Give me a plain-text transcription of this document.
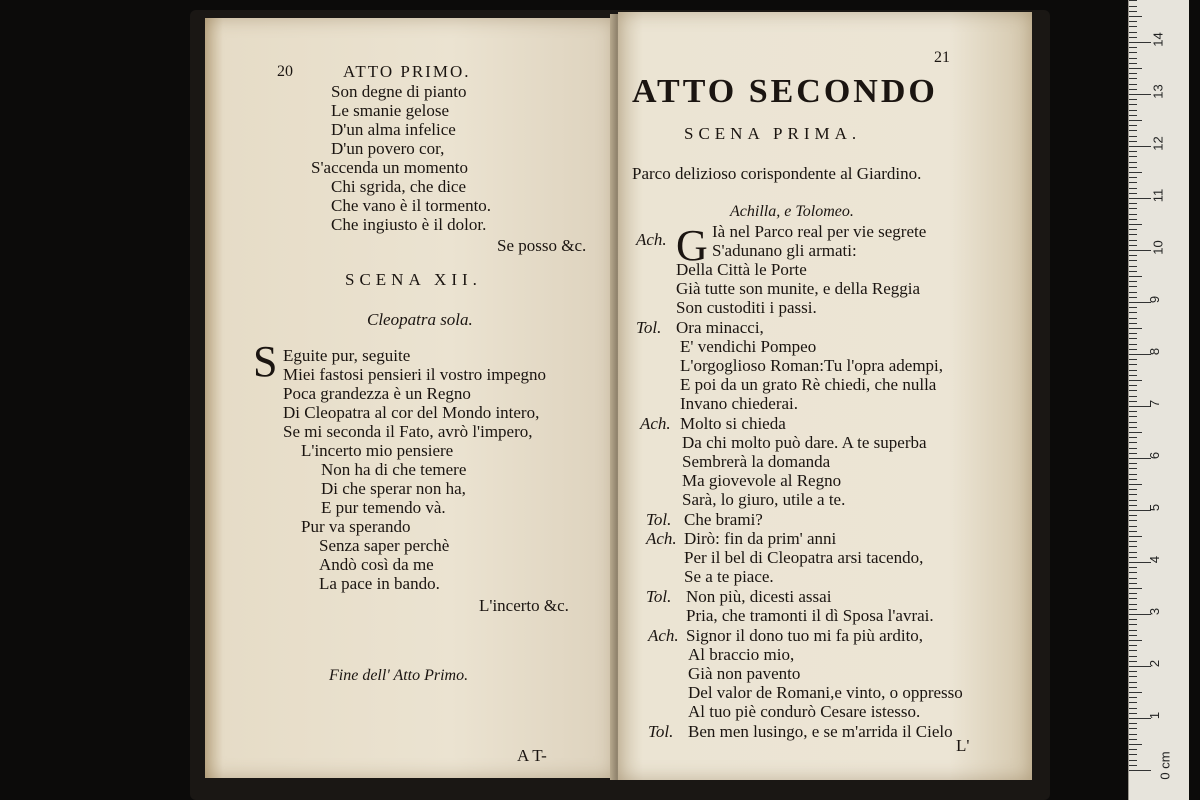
20	ATTO PRIMO.
Son degne di pianto
Le smanie gelose
D'un alma infelice
D'un povero cor,
S'accenda un momento
Chi sgrida, che dice
Che vano è il tormento.
Che ingiusto è il dolor.
Se posso &c.
SCENA XII.
Cleopatra sola.
S Eguite pur, seguite
Miei fastosi pensieri il vostro impegno
Poca grandezza è un Regno
Di Cleopatra al cor del Mondo intero,
Se mi seconda il Fato, avrò l'impero,
L'incerto mio pensiere
Non ha di che temere
Di che sperar non ha,
E pur temendo và.
Pur va sperando
Senza saper perchè
Andò così da me
La pace in bando.
L'incerto &c.
Fine dell' Atto Primo.
A T-
21
ATTO SECONDO
SCENA PRIMA.
Parco delizioso corispondente al Giardino.
Achilla, e Tolomeo.
G
Ach.	Ià nel Parco real per vie segrete
S'adunano gli armati:
Della Città le Porte
Già tutte son munite, e della Reggia
Son custoditi i passi.
Tol. Ora minacci,
E' vendichi Pompeo
L'orgoglioso Roman:Tu l'opra adempi,
E poi da un grato Rè chiedi, che nulla
Invano chiederai.
Ach. Molto si chieda
Da chi molto può dare. A te superba
Sembrerà la domanda
Ma giovevole al Regno
Sarà, lo giuro, utile a te.
Tol. Che brami?
Ach. Dirò: fin da prim' anni
Per il bel di Cleopatra arsi tacendo,
Se a te piace.
Tol. Non più, dicesti assai
Pria, che tramonti il dì Sposa l'avrai.
Ach. Signor il dono tuo mi fa più ardito,
Al braccio mio,
Già non pavento
Del valor de Romani,e vinto, o oppresso
Al tuo piè condurò Cesare istesso.
Tol. Ben men lusingo, e se m'arrida il Cielo
L'
0 cm
1
2
3
4
5
6
7
8
9
10
11
12
13
14
